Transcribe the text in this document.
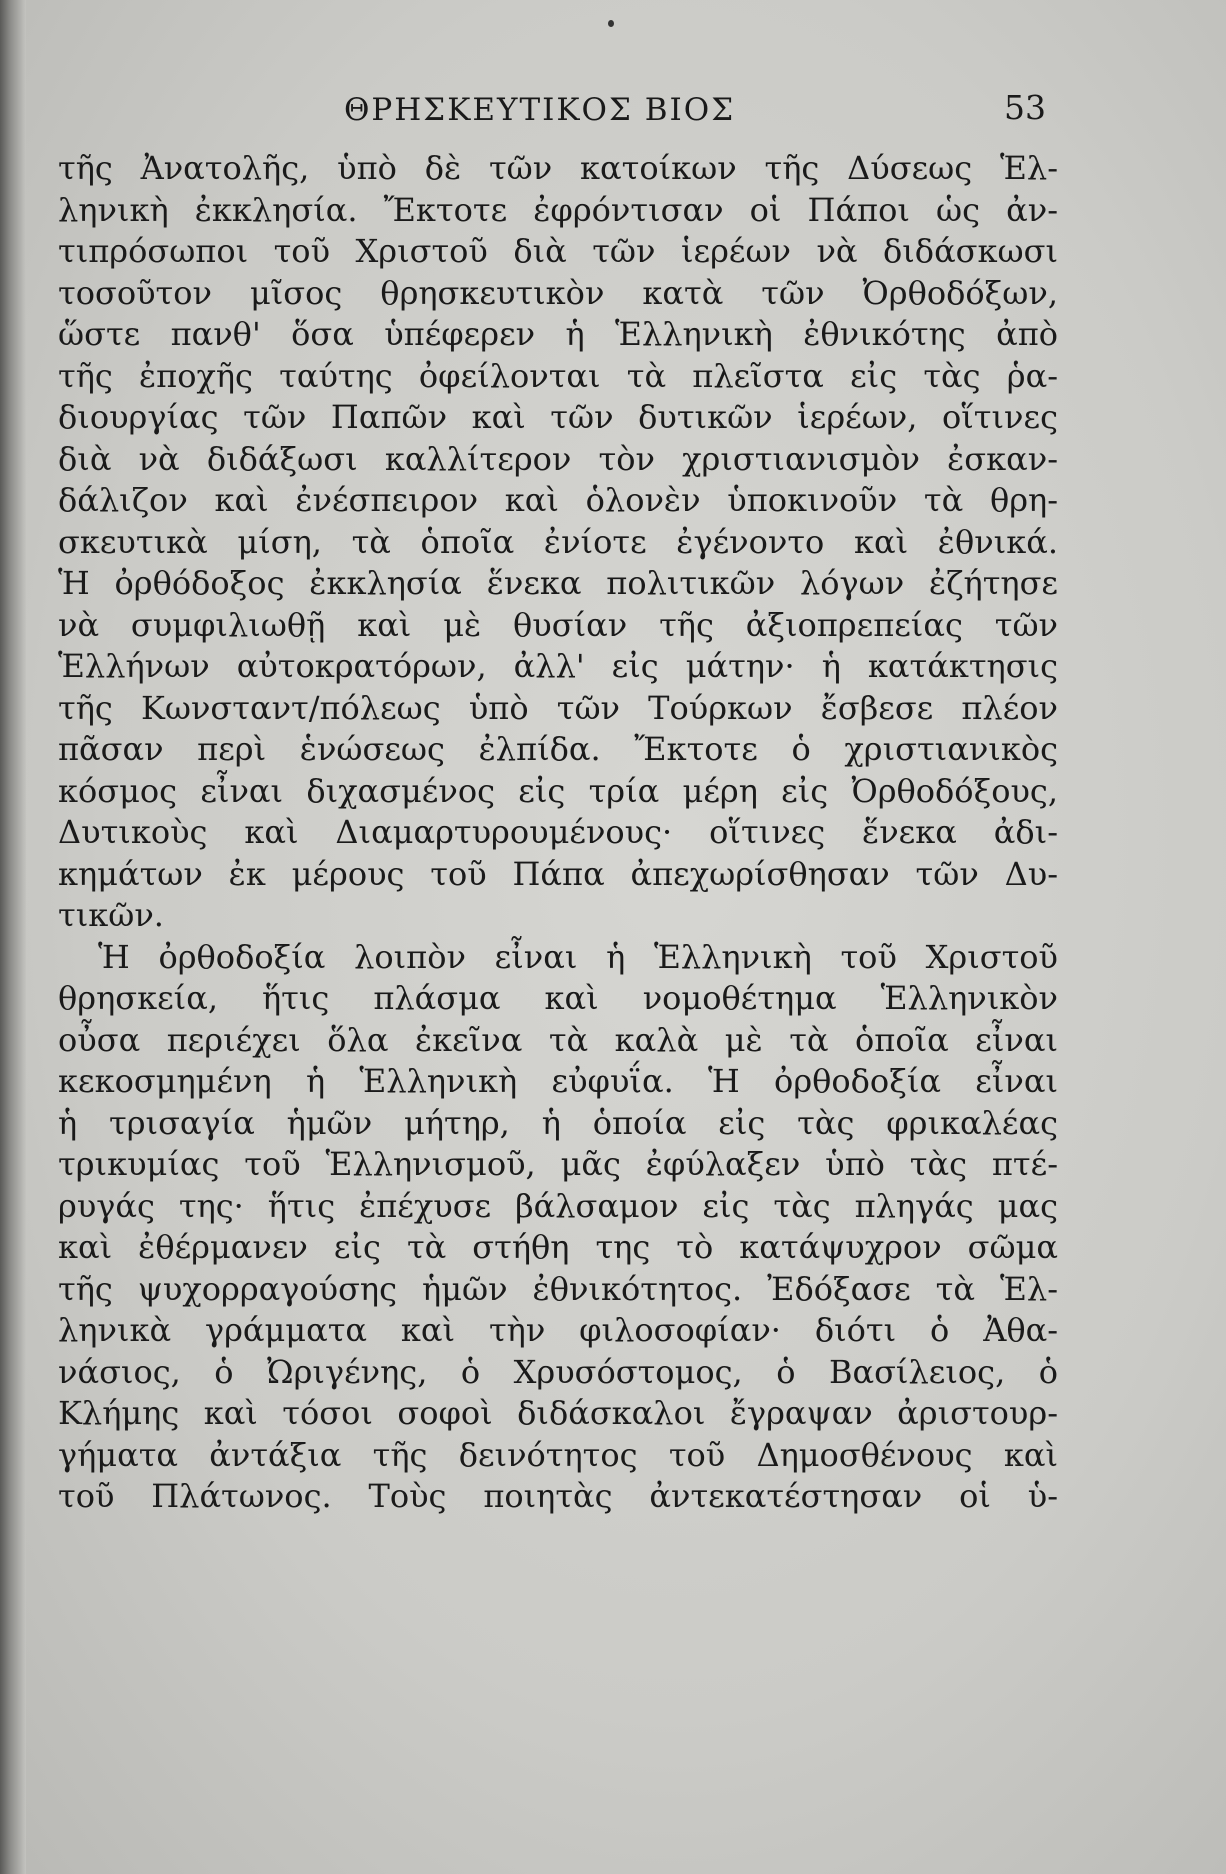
ΘΡΗΣΚΕΥΤΙΚΟΣ ΒΙΟΣ	53
τῆς Ἀνατολῆς, ὑπὸ δὲ τῶν κατοίκων τῆς Δύσεως Ἑλ-
ληνικὴ ἐκκλησία. Ἔκτοτε ἐφρόντισαν οἱ Πάποι ὡς ἀν-
τιπρόσωποι τοῦ Χριστοῦ διὰ τῶν ἱερέων νὰ διδάσκωσι
τοσοῦτον μῖσος θρησκευτικὸν κατὰ τῶν Ὀρθοδόξων,
ὥστε πανθ' ὅσα ὑπέφερεν ἡ Ἑλληνικὴ ἐθνικότης ἀπὸ
τῆς ἐποχῆς ταύτης ὀφείλονται τὰ πλεῖστα εἰς τὰς ῥα-
διουργίας τῶν Παπῶν καὶ τῶν δυτικῶν ἱερέων, οἵτινες
διὰ νὰ διδάξωσι καλλίτερον τὸν χριστιανισμὸν ἐσκαν-
δάλιζον καὶ ἐνέσπειρον καὶ ὁλονὲν ὑποκινοῦν τὰ θρη-
σκευτικὰ μίση, τὰ ὁποῖα ἐνίοτε ἐγένοντο καὶ ἐθνικά.
Ἡ ὀρθόδοξος ἐκκλησία ἕνεκα πολιτικῶν λόγων ἐζήτησε
νὰ συμφιλιωθῇ καὶ μὲ θυσίαν τῆς ἀξιοπρεπείας τῶν
Ἑλλήνων αὐτοκρατόρων, ἀλλ' εἰς μάτην· ἡ κατάκτησις
τῆς Κωνσταντ/πόλεως ὑπὸ τῶν Τούρκων ἔσβεσε πλέον
πᾶσαν περὶ ἑνώσεως ἐλπίδα. Ἔκτοτε ὁ χριστιανικὸς
κόσμος εἶναι διχασμένος εἰς τρία μέρη εἰς Ὀρθοδόξους,
Δυτικοὺς καὶ Διαμαρτυρουμένους· οἵτινες ἕνεκα ἀδι-
κημάτων ἐκ μέρους τοῦ Πάπα ἀπεχωρίσθησαν τῶν Δυ-
τικῶν.
Ἡ ὀρθοδοξία λοιπὸν εἶναι ἡ Ἑλληνικὴ τοῦ Χριστοῦ
θρησκεία, ἥτις πλάσμα καὶ νομοθέτημα Ἑλληνικὸν
οὖσα περιέχει ὅλα ἐκεῖνα τὰ καλὰ μὲ τὰ ὁποῖα εἶναι
κεκοσμημένη ἡ Ἑλληνικὴ εὐφυΐα. Ἡ ὀρθοδοξία εἶναι
ἡ τρισαγία ἡμῶν μήτηρ, ἡ ὁποία εἰς τὰς φρικαλέας
τρικυμίας τοῦ Ἑλληνισμοῦ, μᾶς ἐφύλαξεν ὑπὸ τὰς πτέ-
ρυγάς της· ἥτις ἐπέχυσε βάλσαμον εἰς τὰς πληγάς μας
καὶ ἐθέρμανεν εἰς τὰ στήθη της τὸ κατάψυχρον σῶμα
τῆς ψυχορραγούσης ἡμῶν ἐθνικότητος. Ἐδόξασε τὰ Ἑλ-
ληνικὰ γράμματα καὶ τὴν φιλοσοφίαν· διότι ὁ Ἀθα-
νάσιος, ὁ Ὠριγένης, ὁ Χρυσόστομος, ὁ Βασίλειος, ὁ
Κλήμης καὶ τόσοι σοφοὶ διδάσκαλοι ἔγραψαν ἀριστουρ-
γήματα ἀντάξια τῆς δεινότητος τοῦ Δημοσθένους καὶ
τοῦ Πλάτωνος. Τοὺς ποιητὰς ἀντεκατέστησαν οἱ ὑ-
